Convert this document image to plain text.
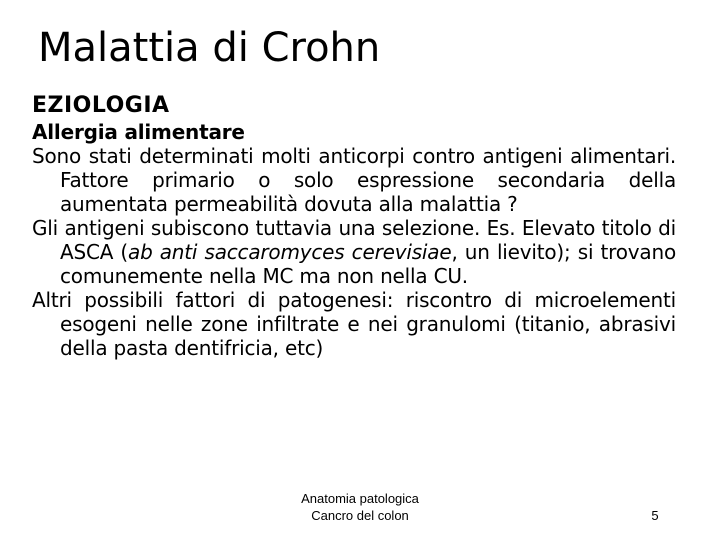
Malattia di Crohn
EZIOLOGIA
Allergia alimentare

Sono stati determinati molti anticorpi contro antigeni alimentari. Fattore primario o solo espressione secondaria della aumentata permeabilità dovuta alla malattia ?

Gli antigeni subiscono tuttavia una selezione. Es. Elevato titolo di ASCA (ab anti saccaromyces cerevisiae, un lievito); si trovano comunemente nella MC ma non nella CU.

Altri possibili fattori di patogenesi: riscontro di microelementi esogeni nelle zone infiltrate e nei granulomi (titanio, abrasivi della pasta dentifricia, etc)

Anatomia patologica
Cancro del colon	5
